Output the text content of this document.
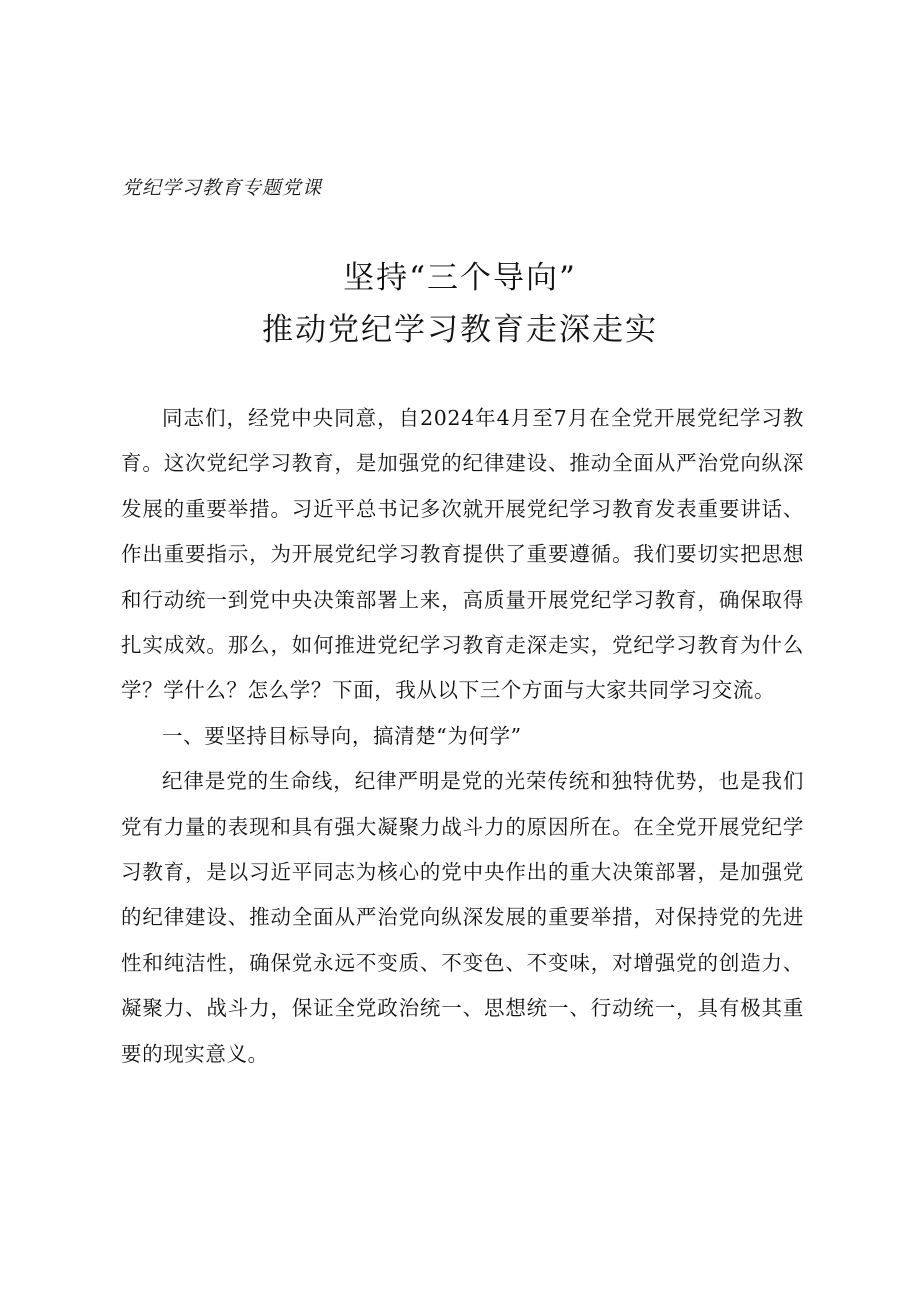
党纪学习教育专题党课
坚持“三个导向”
推动党纪学习教育走深走实

同志们，经党中央同意，自2024年4月至7月在全党开展党纪学习教育。这次党纪学习教育，是加强党的纪律建设、推动全面从严治党向纵深发展的重要举措。习近平总书记多次就开展党纪学习教育发表重要讲话、作出重要指示，为开展党纪学习教育提供了重要遵循。我们要切实把思想和行动统一到党中央决策部署上来，高质量开展党纪学习教育，确保取得扎实成效。那么，如何推进党纪学习教育走深走实，党纪学习教育为什么学？学什么？怎么学？下面，我从以下三个方面与大家共同学习交流。

一、要坚持目标导向，搞清楚“为何学”

纪律是党的生命线，纪律严明是党的光荣传统和独特优势，也是我们党有力量的表现和具有强大凝聚力战斗力的原因所在。在全党开展党纪学习教育，是以习近平同志为核心的党中央作出的重大决策部署，是加强党的纪律建设、推动全面从严治党向纵深发展的重要举措，对保持党的先进性和纯洁性，确保党永远不变质、不变色、不变味，对增强党的创造力、凝聚力、战斗力，保证全党政治统一、思想统一、行动统一，具有极其重要的现实意义。
